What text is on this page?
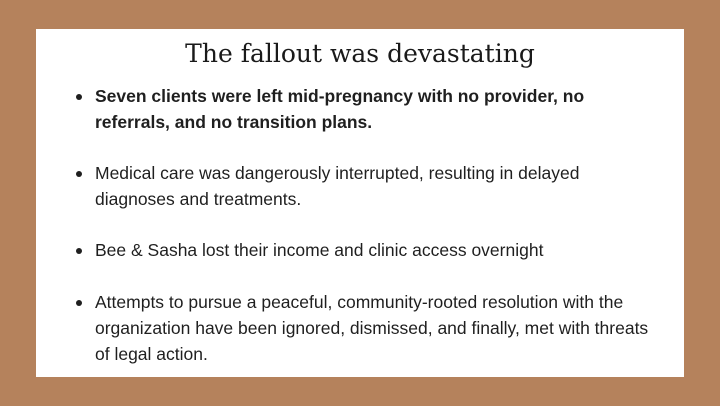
The fallout was devastating
Seven clients were left mid-pregnancy with no provider, no referrals, and no transition plans.
Medical care was dangerously interrupted, resulting in delayed diagnoses and treatments.
Bee & Sasha lost their income and clinic access overnight
Attempts to pursue a peaceful, community-rooted resolution with the organization have been ignored, dismissed, and finally, met with threats of legal action.
